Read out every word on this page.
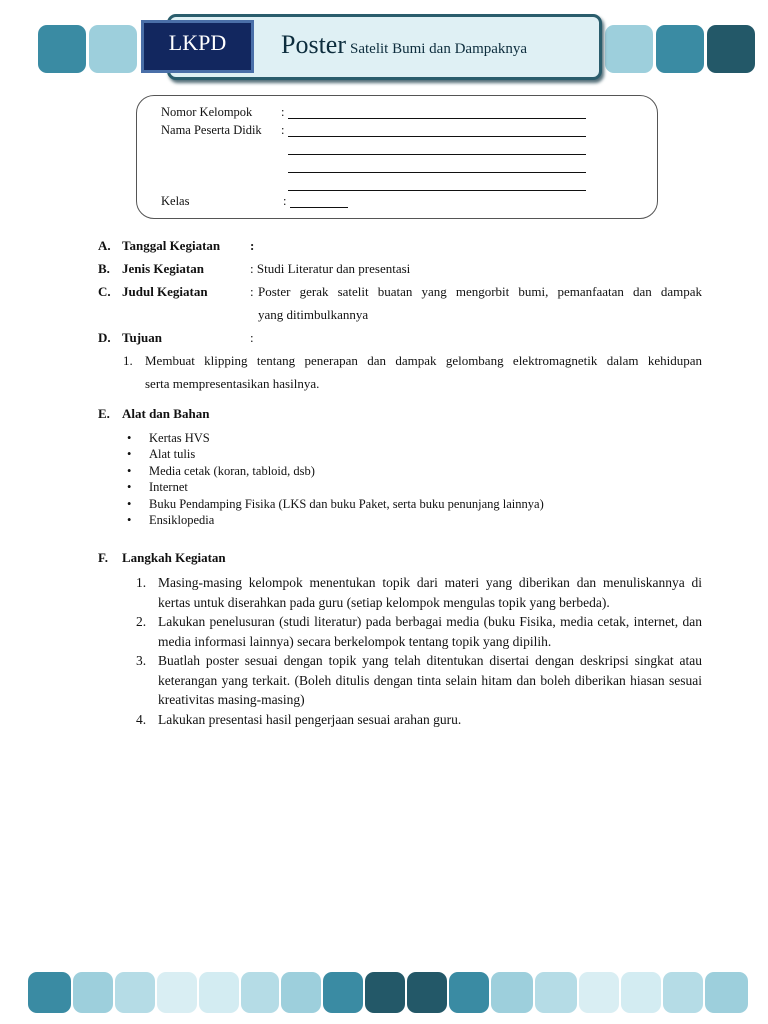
LKPD	Poster Satelit Bumi dan Dampaknya
Nomor Kelompok :
Nama Peserta Didik :
Kelas	:
A. Tanggal Kegiatan :
B. Jenis Kegiatan	: Studi Literatur dan presentasi
C. Judul Kegiatan	: Poster gerak satelit buatan yang mengorbit bumi, pemanfaatan dan dampak
yang ditimbulkannya
D. Tujuan	:
1. Membuat klipping tentang penerapan dan dampak gelombang elektromagnetik dalam kehidupan
serta mempresentasikan hasilnya.
E. Alat dan Bahan
• Kertas HVS
• Alat tulis
• Media cetak (koran, tabloid, dsb)
• Internet
• Buku Pendamping Fisika (LKS dan buku Paket, serta buku penunjang lainnya)
• Ensiklopedia
F. Langkah Kegiatan
1. Masing-masing kelompok menentukan topik dari materi yang diberikan dan menuliskannya di kertas untuk diserahkan pada guru (setiap kelompok mengulas topik yang berbeda).
2. Lakukan penelusuran (studi literatur) pada berbagai media (buku Fisika, media cetak, internet, dan media informasi lainnya) secara berkelompok tentang topik yang dipilih.
3. Buatlah poster sesuai dengan topik yang telah ditentukan disertai dengan deskripsi singkat atau keterangan yang terkait. (Boleh ditulis dengan tinta selain hitam dan boleh diberikan hiasan sesuai kreativitas masing-masing)
4. Lakukan presentasi hasil pengerjaan sesuai arahan guru.
